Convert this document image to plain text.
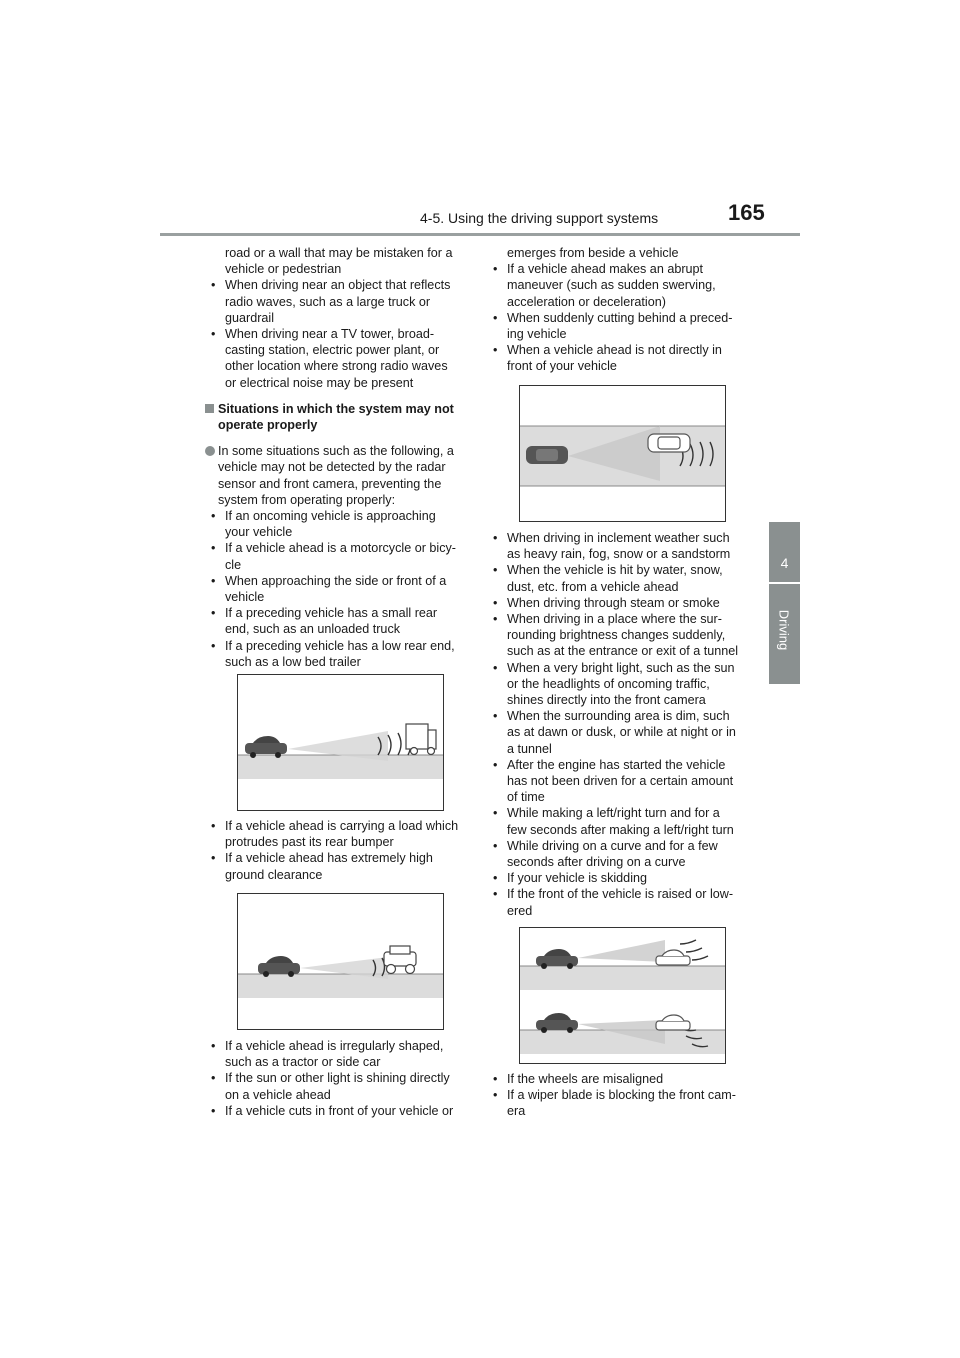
4-5. Using the driving support systems	165
4
Driving

road or a wall that may be mistaken for a

vehicle or pedestrian

• When driving near an object that reflects

radio waves, such as a large truck or

guardrail

• When driving near a TV tower, broad-

casting station, electric power plant, or

other location where strong radio waves

or electrical noise may be present

Situations in which the system may not

operate properly

In some situations such as the following, a

vehicle may not be detected by the radar

sensor and front camera, preventing the

system from operating properly:

• If an oncoming vehicle is approaching

your vehicle

• If a vehicle ahead is a motorcycle or bicy-

cle

• When approaching the side or front of a

vehicle

• If a preceding vehicle has a small rear

end, such as an unloaded truck

• If a preceding vehicle has a low rear end,

such as a low bed trailer

• If a vehicle ahead is carrying a load which

protrudes past its rear bumper

• If a vehicle ahead has extremely high

ground clearance

• If a vehicle ahead is irregularly shaped,

such as a tractor or side car

• If the sun or other light is shining directly

on a vehicle ahead

• If a vehicle cuts in front of your vehicle or

emerges from beside a vehicle

• If a vehicle ahead makes an abrupt

maneuver (such as sudden swerving,

acceleration or deceleration)

• When suddenly cutting behind a preced-

ing vehicle

• When a vehicle ahead is not directly in

front of your vehicle

• When driving in inclement weather such

as heavy rain, fog, snow or a sandstorm

• When the vehicle is hit by water, snow,

dust, etc. from a vehicle ahead

• When driving through steam or smoke

• When driving in a place where the sur-

rounding brightness changes suddenly,

such as at the entrance or exit of a tunnel

• When a very bright light, such as the sun

or the headlights of oncoming traffic,

shines directly into the front camera

• When the surrounding area is dim, such

as at dawn or dusk, or while at night or in

a tunnel

• After the engine has started the vehicle

has not been driven for a certain amount

of time

• While making a left/right turn and for a

few seconds after making a left/right turn

• While driving on a curve and for a few

seconds after driving on a curve

• If your vehicle is skidding

• If the front of the vehicle is raised or low-

ered

• If the wheels are misaligned

• If a wiper blade is blocking the front cam-

era
